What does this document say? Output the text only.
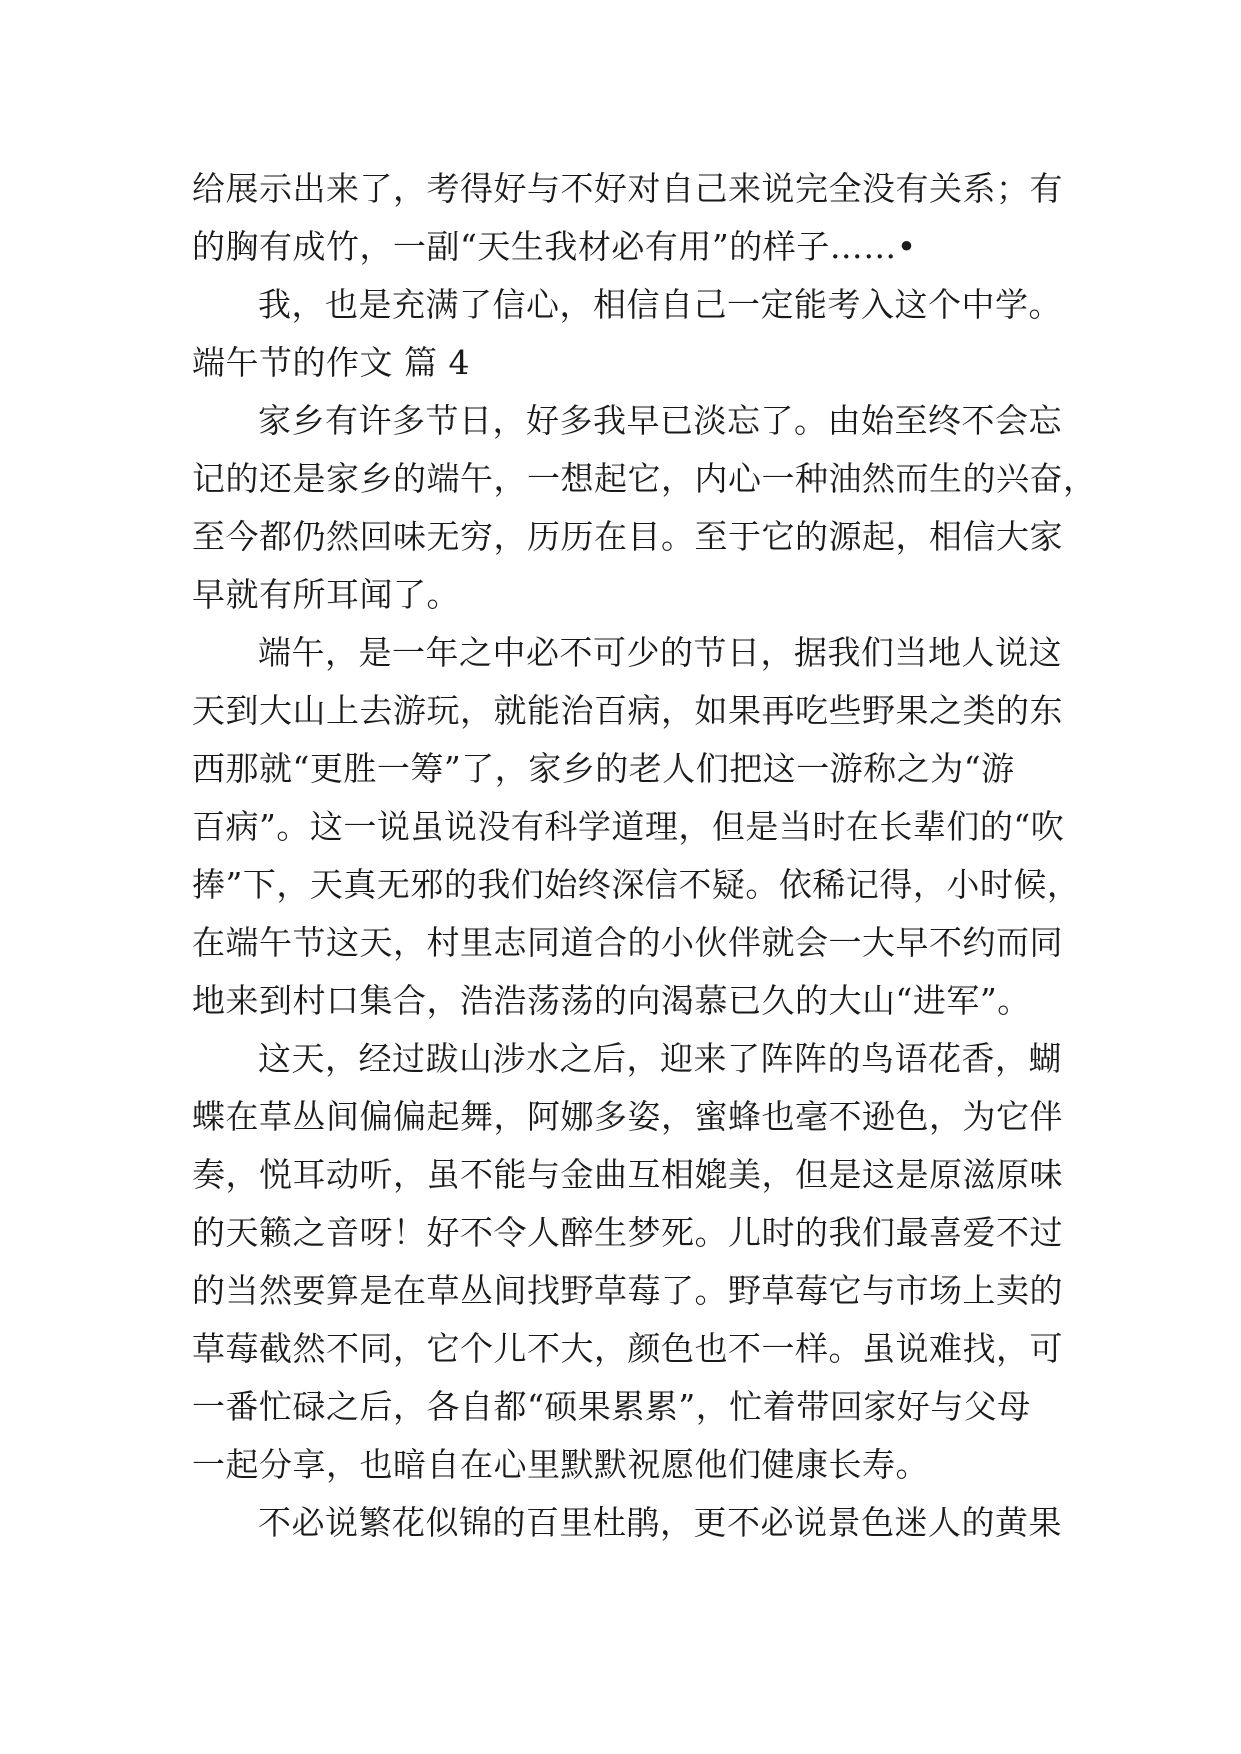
给展示出来了，考得好与不好对自己来说完全没有关系；有
的胸有成竹，一副“天生我材必有用”的样子……•
我，也是充满了信心，相信自己一定能考入这个中学。
端午节的作文 篇 4
家乡有许多节日，好多我早已淡忘了。由始至终不会忘
记的还是家乡的端午，一想起它，内心一种油然而生的兴奋，
至今都仍然回味无穷，历历在目。至于它的源起，相信大家
早就有所耳闻了。
端午，是一年之中必不可少的节日，据我们当地人说这
天到大山上去游玩，就能治百病，如果再吃些野果之类的东
西那就“更胜一筹”了，家乡的老人们把这一游称之为“游
百病”。这一说虽说没有科学道理，但是当时在长辈们的“吹
捧”下，天真无邪的我们始终深信不疑。依稀记得，小时候，
在端午节这天，村里志同道合的小伙伴就会一大早不约而同
地来到村口集合，浩浩荡荡的向渴慕已久的大山“进军”。
这天，经过跋山涉水之后，迎来了阵阵的鸟语花香，蝴
蝶在草丛间偏偏起舞，阿娜多姿，蜜蜂也毫不逊色，为它伴
奏，悦耳动听，虽不能与金曲互相媲美，但是这是原滋原味
的天籁之音呀！好不令人醉生梦死。儿时的我们最喜爱不过
的当然要算是在草丛间找野草莓了。野草莓它与市场上卖的
草莓截然不同，它个儿不大，颜色也不一样。虽说难找，可
一番忙碌之后，各自都“硕果累累”，忙着带回家好与父母
一起分享，也暗自在心里默默祝愿他们健康长寿。
不必说繁花似锦的百里杜鹃，更不必说景色迷人的黄果
